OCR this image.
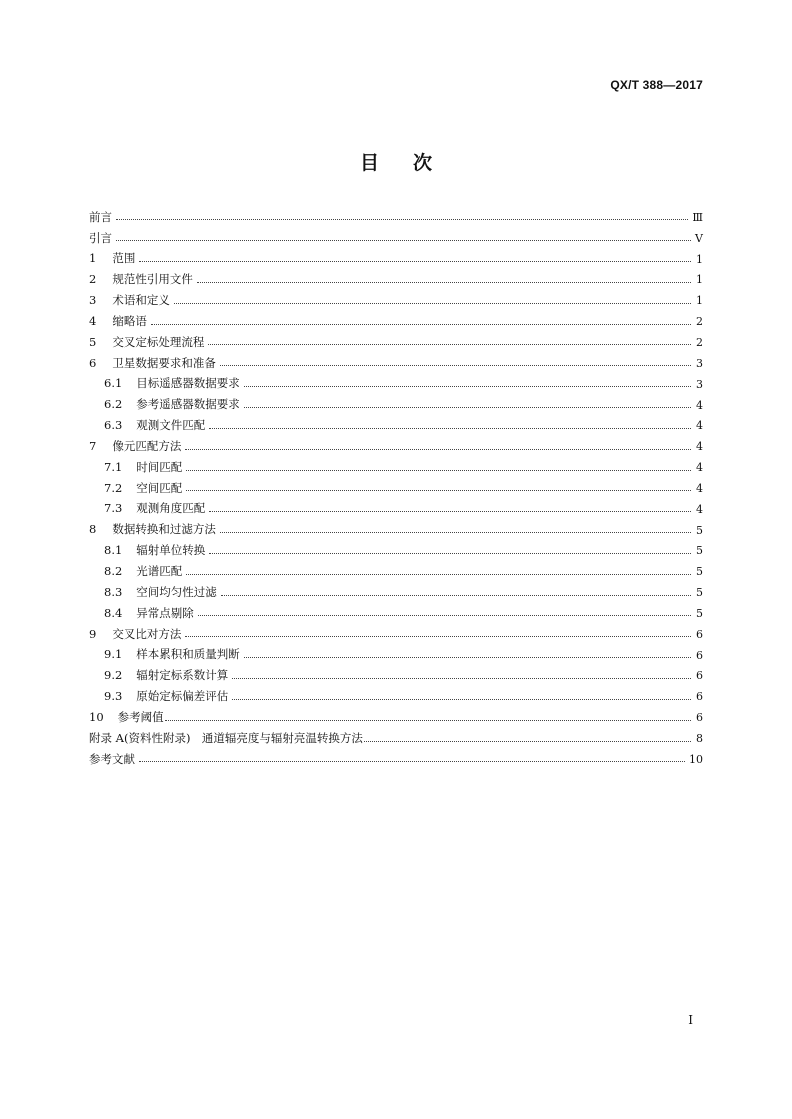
QX/T 388—2017
目次
前言	Ⅲ
引言	Ⅴ
1 范围	1
2 规范性引用文件	1
3 术语和定义	1
4 缩略语	2
5 交叉定标处理流程	2
6 卫星数据要求和准备	3
6.1 目标遥感器数据要求	3
6.2 参考遥感器数据要求	4
6.3 观测文件匹配	4
7 像元匹配方法	4
7.1 时间匹配	4
7.2 空间匹配	4
7.3 观测角度匹配	4
8 数据转换和过滤方法	5
8.1 辐射单位转换	5
8.2 光谱匹配	5
8.3 空间均匀性过滤	5
8.4 异常点剔除	5
9 交叉比对方法	6
9.1 样本累积和质量判断	6
9.2 辐射定标系数计算	6
9.3 原始定标偏差评估	6
10 参考阈值	6
附录 A(资料性附录)　通道辐亮度与辐射亮温转换方法	8
参考文献	10
Ⅰ
